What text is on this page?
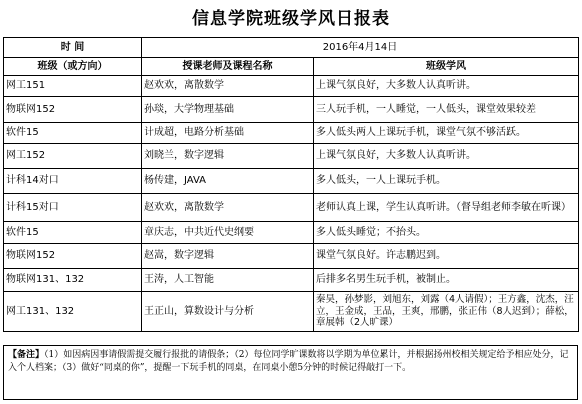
信息学院班级学风日报表
时 间	2016年4月14日	
班级（或方向）	授课老师及课程名称	班级学风
网工151	赵欢欢，离散数学	上课气氛良好，大多数人认真听讲。
物联网152	孙琰，大学物理基础	三人玩手机，一人睡觉，一人低头，课堂效果较差
软件15	计成超，电路分析基础	多人低头两人上课玩手机，课堂气氛不够活跃。
网工152	刘晓兰，数字逻辑	上课气氛良好，大多数人认真听讲。
计科14对口	杨传建，JAVA	多人低头，一人上课玩手机。
计科15对口	赵欢欢，离散数学	老师认真上课，学生认真听讲。（督导组老师李敏在听课）
软件15	章庆志，中共近代史纲要	多人低头睡觉；不抬头。
物联网152	赵嵩，数字逻辑	课堂气氛良好。许志鹏迟到。
物联网131、132	王涛，人工智能	后排多名男生玩手机，被制止。
网工131、132	王正山，算数设计与分析	秦昊，孙梦影，刘旭东，刘露（4人请假）；王方鑫，沈杰，汪立，王金成，王品，王爽，邢鹏，张正伟（8人迟到）；薛松，章展韩（2人旷课）
【备注】（1）如因病因事请假需提交履行报批的请假条；（2）每位同学旷课数将以学期为单位累计，并根据扬州校相关规定给予相应处分，记入个人档案；（3）做好“同桌的你”，提醒一下玩手机的同桌，在同桌小憩5分钟的时候记得敲打一下。
